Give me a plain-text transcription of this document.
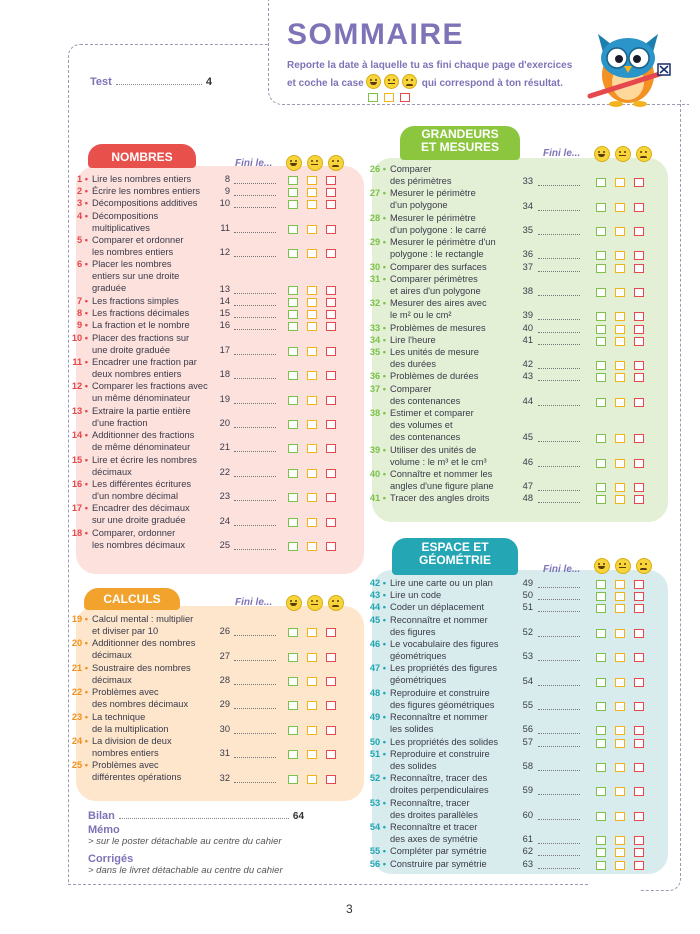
SOMMAIRE
Reporte la date à laquelle tu as fini chaque page d'exercices
et coche la case	qui correspond à ton résultat.
Test	4
NOMBRES	Fini le...
1 •	Lire les nombres entiers	8
2 •	Écrire les nombres entiers	9
3 •	Décompositions additives	10
4 •	Décompositions
multiplicatives	11
5 •	Comparer et ordonner
les nombres entiers	12
6 •	Placer les nombres
entiers sur une droite
graduée	13
7 •	Les fractions simples	14
8 •	Les fractions décimales	15
9 •	La fraction et le nombre	16
10 •	Placer des fractions sur
une droite graduée	17
11 •	Encadrer une fraction par
deux nombres entiers	18
12 •	Comparer les fractions avec
un même dénominateur	19
13 •	Extraire la partie entière
d'une fraction	20
14 •	Additionner des fractions
de même dénominateur	21
15 •	Lire et écrire les nombres
décimaux	22
16 •	Les différentes écritures
d'un nombre décimal	23
17 •	Encadrer des décimaux
sur une droite graduée	24
18 •	Comparer, ordonner
les nombres décimaux	25
CALCULS	Fini le...
19 •	Calcul mental : multiplier
et diviser par 10	26
20 •	Additionner des nombres
décimaux	27
21 •	Soustraire des nombres
décimaux	28
22 •	Problèmes avec
des nombres décimaux	29
23 •	La technique
de la multiplication	30
24 •	La division de deux
nombres entiers	31
25 •	Problèmes avec
différentes opérations	32
GRANDEURS
ET MESURES	Fini le...
26 •	Comparer
des périmètres	33
27 •	Mesurer le périmètre
d'un polygone	34
28 •	Mesurer le périmètre
d'un polygone : le carré	35
29 •	Mesurer le périmètre d'un
polygone : le rectangle	36
30 •	Comparer des surfaces	37
31 •	Comparer périmètres
et aires d'un polygone	38
32 •	Mesurer des aires avec
le m² ou le cm²	39
33 •	Problèmes de mesures	40
34 •	Lire l'heure	41
35 •	Les unités de mesure
des durées	42
36 •	Problèmes de durées	43
37 •	Comparer
des contenances	44
38 •	Estimer et comparer
des volumes et
des contenances	45
39 •	Utiliser des unités de
volume : le m³ et le cm³	46
40 •	Connaître et nommer les
angles d'une figure plane	47
41 •	Tracer des angles droits	48
ESPACE ET
GÉOMÉTRIE
Fini le...
42 •	Lire une carte ou un plan	49
43 •	Lire un code	50
44 •	Coder un déplacement	51
45 •	Reconnaître et nommer
des figures	52
46 •	Le vocabulaire des figures
géométriques	53
47 •	Les propriétés des figures
géométriques	54
48 •	Reproduire et construire
des figures géométriques	55
49 •	Reconnaître et nommer
les solides	56
50 •	Les propriétés des solides	57
51 •	Reproduire et construire
des solides	58
52 •	Reconnaître, tracer des
droites perpendiculaires	59
53 •	Reconnaître, tracer
des droites parallèles	60
54 •	Reconnaître et tracer
des axes de symétrie	61
55 •	Compléter par symétrie	62
56 •	Construire par symétrie	63
Bilan	64
Mémo
> sur le poster détachable au centre du cahier
Corrigés
> dans le livret détachable au centre du cahier
3
